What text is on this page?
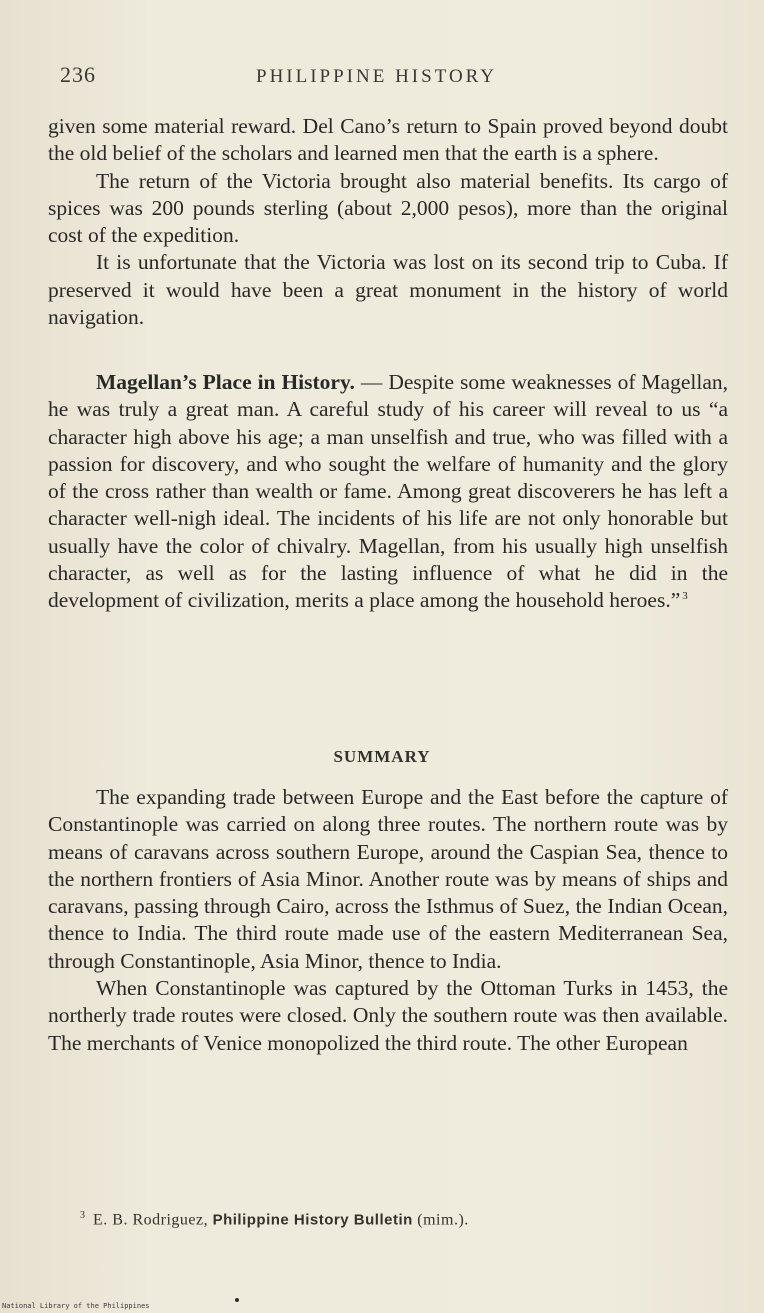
236	PHILIPPINE HISTORY

given some material reward. Del Cano’s return to Spain proved beyond doubt the old belief of the scholars and learned men that the earth is a sphere.

The return of the Victoria brought also material benefits. Its cargo of spices was 200 pounds sterling (about 2,000 pesos), more than the original cost of the expedition.

It is unfortunate that the Victoria was lost on its second trip to Cuba. If preserved it would have been a great monument in the history of world navigation.

Magellan’s Place in History. — Despite some weaknesses of Magellan, he was truly a great man. A careful study of his career will reveal to us “a character high above his age; a man unselfish and true, who was filled with a passion for discovery, and who sought the welfare of humanity and the glory of the cross rather than wealth or fame. Among great discoverers he has left a character well-nigh ideal. The incidents of his life are not only honorable but usually have the color of chivalry. Magellan, from his usually high unselfish character, as well as for the lasting influence of what he did in the development of civilization, merits a place among the household heroes.” $^3$

SUMMARY

The expanding trade between Europe and the East before the capture of Constantinople was carried on along three routes. The northern route was by means of caravans across southern Europe, around the Caspian Sea, thence to the northern frontiers of Asia Minor. Another route was by means of ships and caravans, passing through Cairo, across the Isthmus of Suez, the Indian Ocean, thence to India. The third route made use of the eastern Mediterranean Sea, through Constantinople, Asia Minor, thence to India.

When Constantinople was captured by the Ottoman Turks in 1453, the northerly trade routes were closed. Only the southern route was then available. The merchants of Venice monopolized the third route. The other European

$^3$ E. B. Rodriguez, Philippine History Bulletin (mim.).
National Library of the Philippines
